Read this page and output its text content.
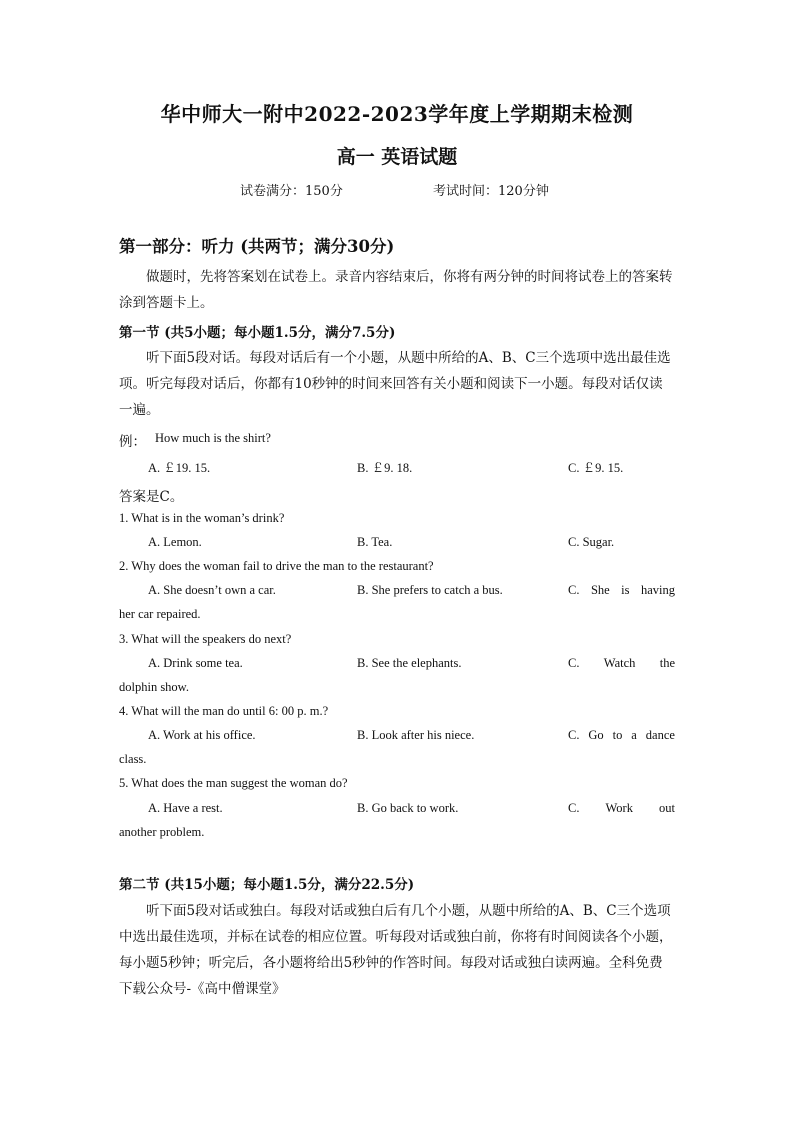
华中师大一附中2022-2023学年度上学期期末检测
高一 英语试题
试卷满分：150分	考试时间：120分钟
第一部分：听力 (共两节；满分30分)

做题时，先将答案划在试卷上。录音内容结束后，你将有两分钟的时间将试卷上的答案转涂到答题卡上。

第一节 (共5小题；每小题1.5分，满分7.5分)

听下面5段对话。每段对话后有一个小题，从题中所给的A、B、C三个选项中选出最佳选项。听完每段对话后，你都有10秒钟的时间来回答有关小题和阅读下一小题。每段对话仅读一遍。

例： How much is the shirt?
A. ￡19. 15.	B. ￡9. 18.	C. ￡9. 15.
答案是C。
1. What is in the woman’s drink?
A. Lemon.	B. Tea.	C. Sugar.
2. Why does the woman fail to drive the man to the restaurant?
A. She doesn’t own a car.	B. She prefers to catch a bus.	C. She is having
her car repaired.
3. What will the speakers do next?
A. Drink some tea.	B. See the elephants.	C. Watch the
dolphin show.
4. What will the man do until 6: 00 p. m.?
A. Work at his office.	B. Look after his niece.	C. Go to a dance
class.
5. What does the man suggest the woman do?
A. Have a rest.	B. Go back to work.	C. Work out
another problem.
第二节 (共15小题；每小题1.5分，满分22.5分)

听下面5段对话或独白。每段对话或独白后有几个小题，从题中所给的A、B、C三个选项中选出最佳选项，并标在试卷的相应位置。听每段对话或独白前，你将有时间阅读各个小题，每小题5秒钟；听完后，各小题将给出5秒钟的作答时间。每段对话或独白读两遍。全科免费下载公众号-《高中僧课堂》
